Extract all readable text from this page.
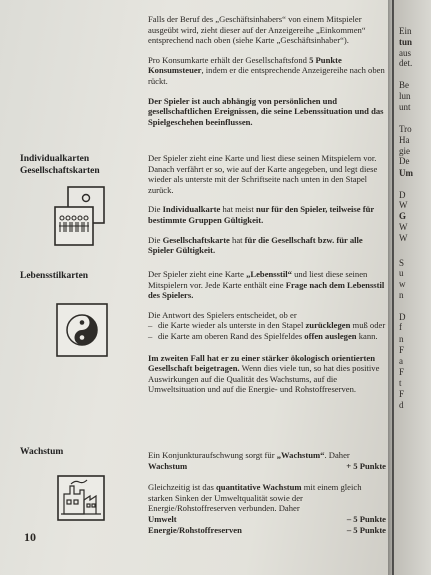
Falls der Beruf des „Geschäftsinhabers“ von einem Mitspieler ausgeübt wird, zieht dieser auf der Anzeigereihe „Einkommen“ entsprechend nach oben (siehe Karte „Geschäftsinhaber“).

Pro Konsumkarte erhält der Gesellschaftsfond 5 Punkte Konsumsteuer, indem er die entsprechende Anzeigereihe nach oben rückt.

Der Spieler ist auch abhängig von persönlichen und gesellschaftlichen Ereignissen, die seine Lebenssituation und das Spielgeschehen beeinflussen.

Individualkarten
Gesellschaftskarten

Der Spieler zieht eine Karte und liest diese seinen Mitspielern vor. Danach verfährt er so, wie auf der Karte angegeben, und legt diese wieder als unterste mit der Schriftseite nach unten in den Stapel zurück.

Die Individualkarte hat meist nur für den Spieler, teilweise für bestimmte Gruppen Gültigkeit.

Die Gesellschaftskarte hat für die Gesellschaft bzw. für alle Spieler Gültigkeit.

Lebensstilkarten	Der Spieler zieht eine Karte „Lebensstil“ und liest diese seinen Mitspielern vor. Jede Karte enthält eine Frage nach dem Lebensstil des Spielers.

Die Antwort des Spielers entscheidet, ob er

– die Karte wieder als unterste in den Stapel zurücklegen muß oder
– die Karte am oberen Rand des Spielfeldes offen auslegen kann.

Im zweiten Fall hat er zu einer stärker ökologisch orientierten Gesellschaft beigetragen. Wenn dies viele tun, so hat dies positive Auswirkungen auf die Qualität des Wachstums, auf die Umweltsituation und auf die Energie- und Rohstoffreserven.

Wachstum	Ein Konjunkturaufschwung sorgt für „Wachstum“. Daher

Wachstum	+ 5 Punkte

Gleichzeitig ist das quantitative Wachstum mit einem gleich starken Sinken der Umweltqualität sowie der Energie/Rohstoffreserven verbunden. Daher

Umwelt	– 5 Punkte
Energie/Rohstoffreserven	– 5 Punkte
10
Ein
tun
aus
det.
Be
lun
unt
Tro
Ha
gie
De
Um
D
W
G
W
W
S
u
w
n
D
f
n
F
a
F
t
F
d
